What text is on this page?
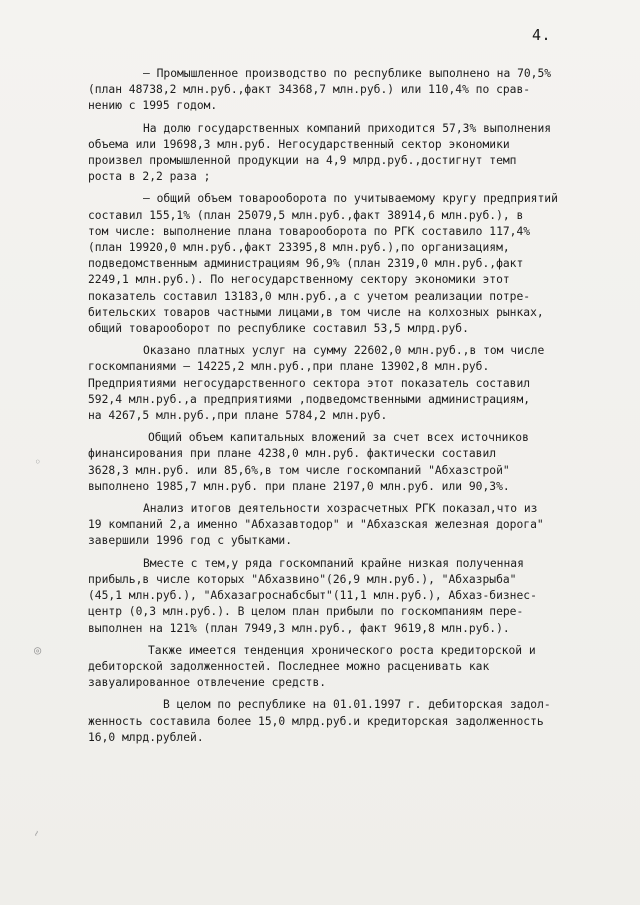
4.
– Промышленное производство по республике выполнено на 70,5%
(план 48738,2 млн.руб.,факт 34368,7 млн.руб.) или 110,4% по срав-
нению с 1995 годом.
На долю государственных компаний приходится 57,3% выполнения
объема или 19698,3 млн.руб. Негосударственный сектор экономики
произвел промышленной продукции на 4,9 млрд.руб.,достигнут темп
роста в 2,2 раза ;
– общий объем товарооборота по учитываемому кругу предприятий
составил 155,1% (план 25079,5 млн.руб.,факт 38914,6 млн.руб.), в
том числе: выполнение плана товарооборота по РГК составило 117,4%
(план 19920,0 млн.руб.,факт 23395,8 млн.руб.),по организациям,
подведомственным администрациям 96,9% (план 2319,0 млн.руб.,факт
2249,1 млн.руб.). По негосударственному сектору экономики этот
показатель составил 13183,0 млн.руб.,а с учетом реализации потре-
бительских товаров частными лицами,в том числе на колхозных рынках,
общий товарооборот по республике составил 53,5 млрд.руб.
Оказано платных услуг на сумму 22602,0 млн.руб.,в том числе
госкомпаниями – 14225,2 млн.руб.,при плане 13902,8 млн.руб.
Предприятиями негосударственного сектора этот показатель составил
592,4 млн.руб.,а предприятиями ,подведомственными администрациям,
на 4267,5 млн.руб.,при плане 5784,2 млн.руб.
Общий объем капитальных вложений за счет всех источников
финансирования при плане 4238,0 млн.руб. фактически составил
3628,3 млн.руб. или 85,6%,в том числе госкомпаний "Абхазстрой"
выполнено 1985,7 млн.руб. при плане 2197,0 млн.руб. или 90,3%.
Анализ итогов деятельности хозрасчетных РГК показал,что из
19 компаний 2,а именно "Абхазавтодор" и "Абхазская железная дорога"
завершили 1996 год с убытками.
Вместе с тем,у ряда госкомпаний крайне низкая полученная
прибыль,в числе которых "Абхазвино"(26,9 млн.руб.), "Абхазрыба"
(45,1 млн.руб.), "Абхазагроснабсбыт"(11,1 млн.руб.), Абхаз-бизнес-
центр (0,3 млн.руб.). В целом план прибыли по госкомпаниям пере-
выполнен на 121% (план 7949,3 млн.руб., факт 9619,8 млн.руб.).
Также имеется тенденция хронического роста кредиторской и
дебиторской задолженностей. Последнее можно расценивать как
завуалированное отвлечение средств.
В целом по республике на 01.01.1997 г. дебиторская задол-
женность составила более 15,0 млрд.руб.и кредиторская задолженность
16,0 млрд.рублей.
◦
◎
~
